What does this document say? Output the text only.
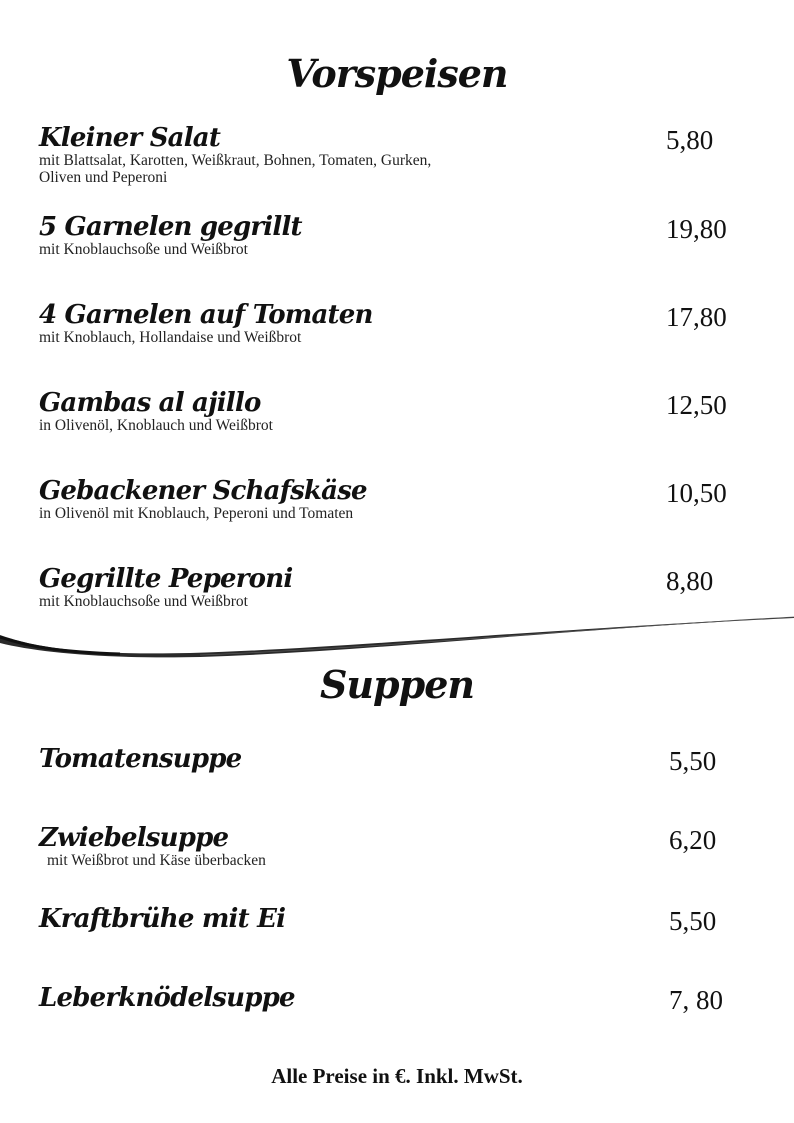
Vorspeisen
Kleiner Salat
mit Blattsalat, Karotten, Weißkraut, Bohnen, Tomaten, Gurken, Oliven und Peperoni
5,80
5 Garnelen gegrillt
mit Knoblauchsoße und Weißbrot
19,80
4 Garnelen auf Tomaten
mit Knoblauch, Hollandaise und Weißbrot
17,80
Gambas al ajillo
in Olivenöl, Knoblauch und Weißbrot
12,50
Gebackener Schafskäse
in Olivenöl mit Knoblauch, Peperoni und Tomaten
10,50
Gegrillte Peperoni
mit Knoblauchsoße und Weißbrot
8,80
Suppen
Tomatensuppe	5,50
Zwiebelsuppe
mit Weißbrot und Käse überbacken
6,20
Kraftbrühe mit Ei	5,50
Leberknödelsuppe	7, 80
Alle Preise in €. Inkl. MwSt.
